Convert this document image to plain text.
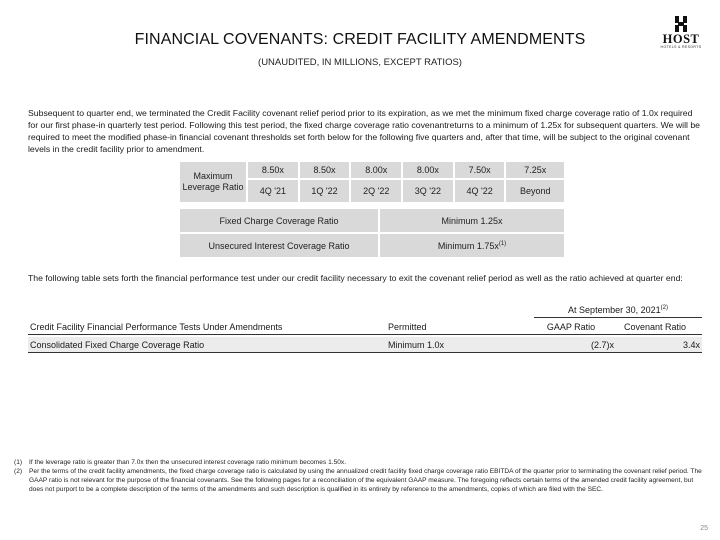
HOST
HOTELS & RESORTS
FINANCIAL COVENANTS: CREDIT FACILITY AMENDMENTS
(UNAUDITED, IN MILLIONS, EXCEPT RATIOS)
Subsequent to quarter end, we terminated the Credit Facility covenant relief period prior to its expiration, as we met the minimum fixed charge coverage ratio of 1.0x required for our first phase-in quarterly test period. Following this test period, the fixed charge coverage ratio covenantreturns to a minimum of 1.25x for subsequent quarters. We will be required to meet the modified phase-in financial covenant thresholds set forth below for the following five quarters and, after that time, will be subject to the original covenant levels in the credit facility prior to amendment.
Maximum Leverage Ratio	8.50x	8.50x	8.00x	8.00x	7.50x	7.25x
	4Q '21	1Q '22	2Q '22	3Q '22	4Q '22	Beyond
Fixed Charge Coverage Ratio	Minimum 1.25x
Unsecured Interest Coverage Ratio	Minimum $1.75x^{(1)}$
The following table sets forth the financial performance test under our credit facility necessary to exit the covenant relief period as well as the ratio achieved at quarter end:
At September 30, 2021$^{(2)}$
Credit Facility Financial Performance Tests Under Amendments	Permitted	GAAP Ratio	Covenant Ratio
Consolidated Fixed Charge Coverage Ratio	Minimum 1.0x	(2.7)x	3.4x
(1) If the leverage ratio is greater than 7.0x then the unsecured interest coverage ratio minimum becomes 1.50x.
(2) Per the terms of the credit facility amendments, the fixed charge coverage ratio is calculated by using the annualized credit facility fixed charge coverage ratio EBITDA of the quarter prior to terminating the covenant relief period. The GAAP ratio is not relevant for the purpose of the financial covenants. See the following pages for a reconciliation of the equivalent GAAP measure. The foregoing reflects certain terms of the amended credit facility agreement, but does not purport to be a complete description of the terms of the amendments and such description is qualified in its entirety by reference to the amendments, copies of which are filed with the SEC.
25
